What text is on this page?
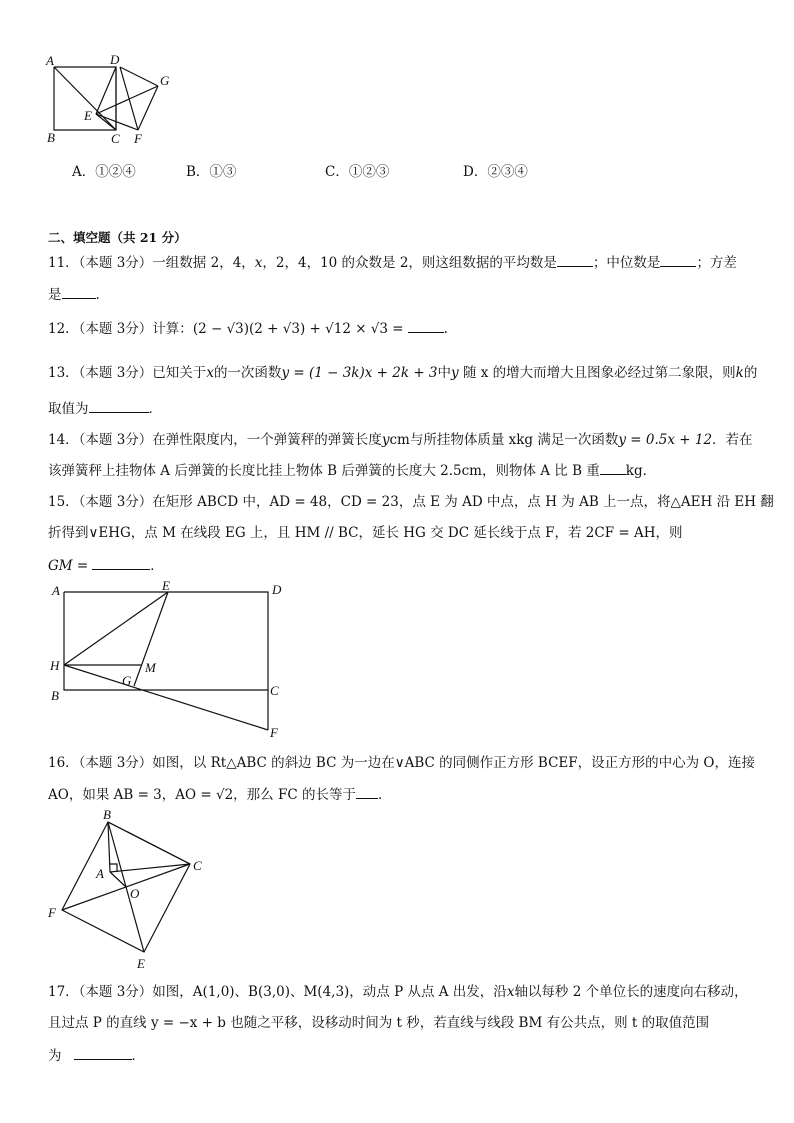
A	D
G
E
B	C F
A．①②④	B．①③	C．①②③	D．②③④
二、填空题（共 21 分）
11．（本题 3分）一组数据 2，4，x，2，4，10 的众数是 2，则这组数据的平均数是	；中位数是	；方差
是	.
12．（本题 3分）计算：(2 − √3)(2 + √3) + √12 × √3 =	.
13．（本题 3分）已知关于x的一次函数y = (1 − 3k)x + 2k + 3中y 随 x 的增大而增大且图象必经过第二象限，则k的
取值为	．
14．（本题 3分）在弹性限度内，一个弹簧秤的弹簧长度ycm与所挂物体质量 xkg 满足一次函数y = 0.5x + 12．若在
该弹簧秤上挂物体 A 后弹簧的长度比挂上物体 B 后弹簧的长度大 2.5cm，则物体 A 比 B 重 kg．
15．（本题 3分）在矩形 ABCD 中，AD = 48，CD = 23，点 E 为 AD 中点，点 H 为 AB 上一点，将△AEH 沿 EH 翻
折得到∨EHG，点 M 在线段 EG 上，且 HM // BC，延长 HG 交 DC 延长线于点 F，若 2CF = AH，则
GM =	．
A	E	D
H	M
G
B	C
F
16．（本题 3分）如图，以 Rt△ABC 的斜边 BC 为一边在∨ABC 的同侧作正方形 BCEF，设正方形的中心为 O，连接
AO，如果 AB = 3，AO = √2，那么 FC 的长等于 ．
B
A
C
O
F
E
17．（本题 3分）如图，A(1,0)、B(3,0)、M(4,3)，动点 P 从点 A 出发，沿x轴以每秒 2 个单位长的速度向右移动，
且过点 P 的直线 y = −x + b 也随之平移，设移动时间为 t 秒，若直线与线段 BM 有公共点，则 t 的取值范围
为	．
